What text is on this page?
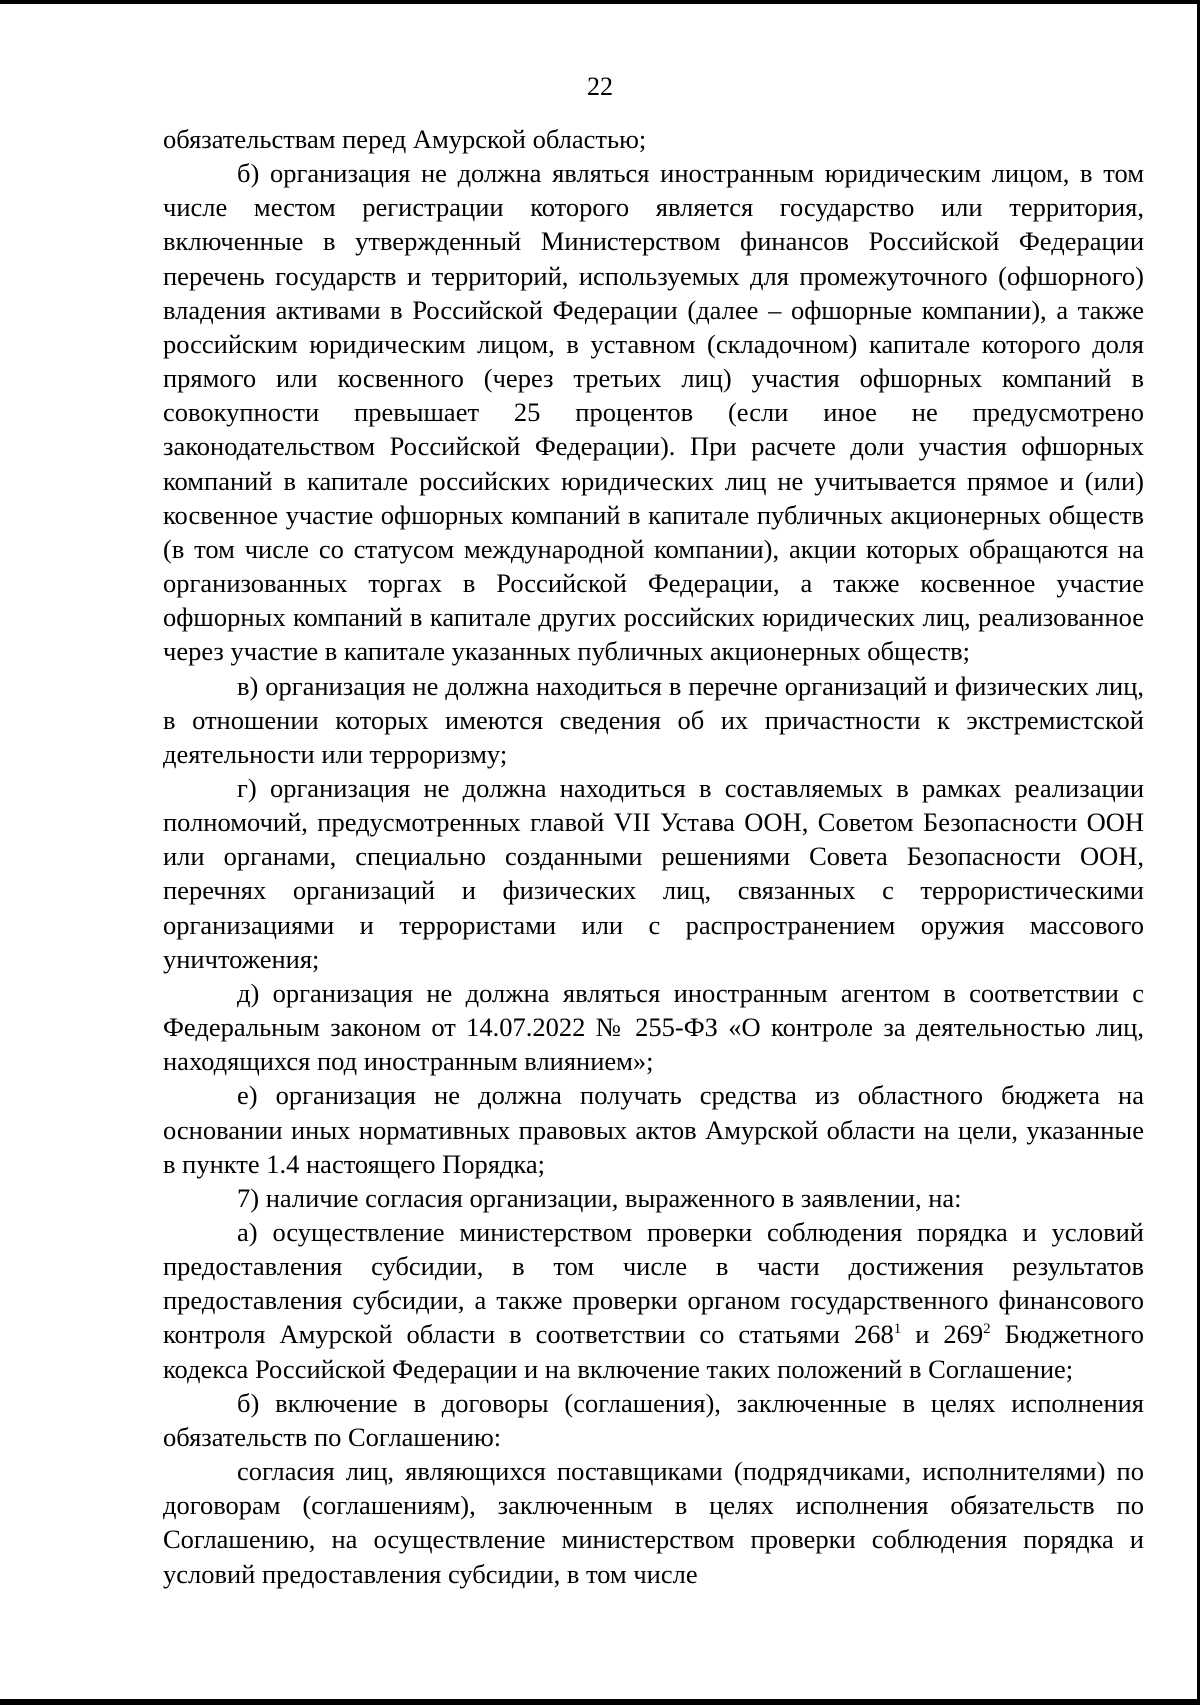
22

обязательствам перед Амурской областью;

б) организация не должна являться иностранным юридическим лицом, в том числе местом регистрации которого является государство или территория, включенные в утвержденный Министерством финансов Российской Федерации перечень государств и территорий, используемых для промежуточного (офшорного) владения активами в Российской Федерации (далее – офшорные компании), а также российским юридическим лицом, в уставном (складочном) капитале которого доля прямого или косвенного (через третьих лиц) участия офшорных компаний в совокупности превышает 25 процентов (если иное не предусмотрено законодательством Российской Федерации). При расчете доли участия офшорных компаний в капитале российских юридических лиц не учитывается прямое и (или) косвенное участие офшорных компаний в капитале публичных акционерных обществ (в том числе со статусом международной компании), акции которых обращаются на организованных торгах в Российской Федерации, а также косвенное участие офшорных компаний в капитале других российских юридических лиц, реализованное через участие в капитале указанных публичных акционерных обществ;

в) организация не должна находиться в перечне организаций и физических лиц, в отношении которых имеются сведения об их причастности к экстремистской деятельности или терроризму;

г) организация не должна находиться в составляемых в рамках реализации полномочий, предусмотренных главой VII Устава ООН, Советом Безопасности ООН или органами, специально созданными решениями Совета Безопасности ООН, перечнях организаций и физических лиц, связанных с террористическими организациями и террористами или с распространением оружия массового уничтожения;

д) организация не должна являться иностранным агентом в соответствии с Федеральным законом от 14.07.2022 № 255-ФЗ «О контроле за деятельностью лиц, находящихся под иностранным влиянием»;

е) организация не должна получать средства из областного бюджета на основании иных нормативных правовых актов Амурской области на цели, указанные в пункте 1.4 настоящего Порядка;

7) наличие согласия организации, выраженного в заявлении, на:

а) осуществление министерством проверки соблюдения порядка и условий предоставления субсидии, в том числе в части достижения результатов предоставления субсидии, а также проверки органом государственного финансового контроля Амурской области в соответствии со статьями $268^1$ и $269^2$ Бюджетного кодекса Российской Федерации и на включение таких положений в Соглашение;

б) включение в договоры (соглашения), заключенные в целях исполнения обязательств по Соглашению:

согласия лиц, являющихся поставщиками (подрядчиками, исполнителями) по договорам (соглашениям), заключенным в целях исполнения обязательств по Соглашению, на осуществление министерством проверки соблюдения порядка и условий предоставления субсидии, в том числе
